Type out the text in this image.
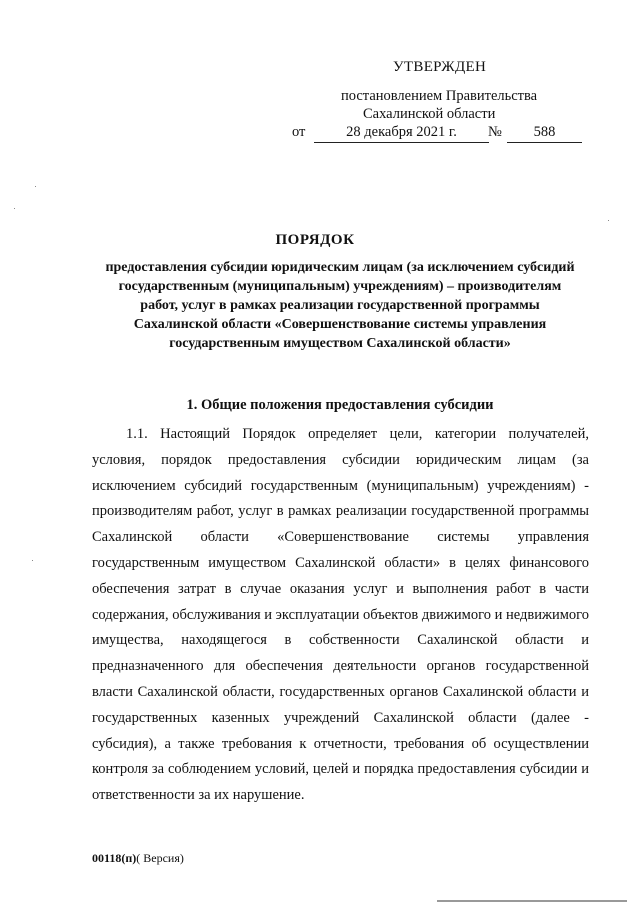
УТВЕРЖДЕН
постановлением Правительства
Сахалинской области
от	28 декабря 2021 г.	№	588
ПОРЯДОК
предоставления субсидии юридическим лицам (за исключением субсидий государственным (муниципальным) учреждениям) – производителям работ, услуг в рамках реализации государственной программы Сахалинской области «Совершенствование системы управления государственным имуществом Сахалинской области»
1. Общие положения предоставления субсидии
1.1. Настоящий Порядок определяет цели, категории получателей, условия, порядок предоставления субсидии юридическим лицам (за исключением субсидий государственным (муниципальным) учреждениям) - производителям работ, услуг в рамках реализации государственной программы Сахалинской области «Совершенствование системы управления государственным имуществом Сахалинской области» в целях финансового обеспечения затрат в случае оказания услуг и выполнения работ в части содержания, обслуживания и эксплуатации объектов движимого и недвижимого имущества, находящегося в собственности Сахалинской области и предназначенного для обеспечения деятельности органов государственной власти Сахалинской области, государственных органов Сахалинской области и государственных казенных учреждений Сахалинской области (далее - субсидия), а также требования к отчетности, требования об осуществлении контроля за соблюдением условий, целей и порядка предоставления субсидии и ответственности за их нарушение.
00118(п)( Версия)
